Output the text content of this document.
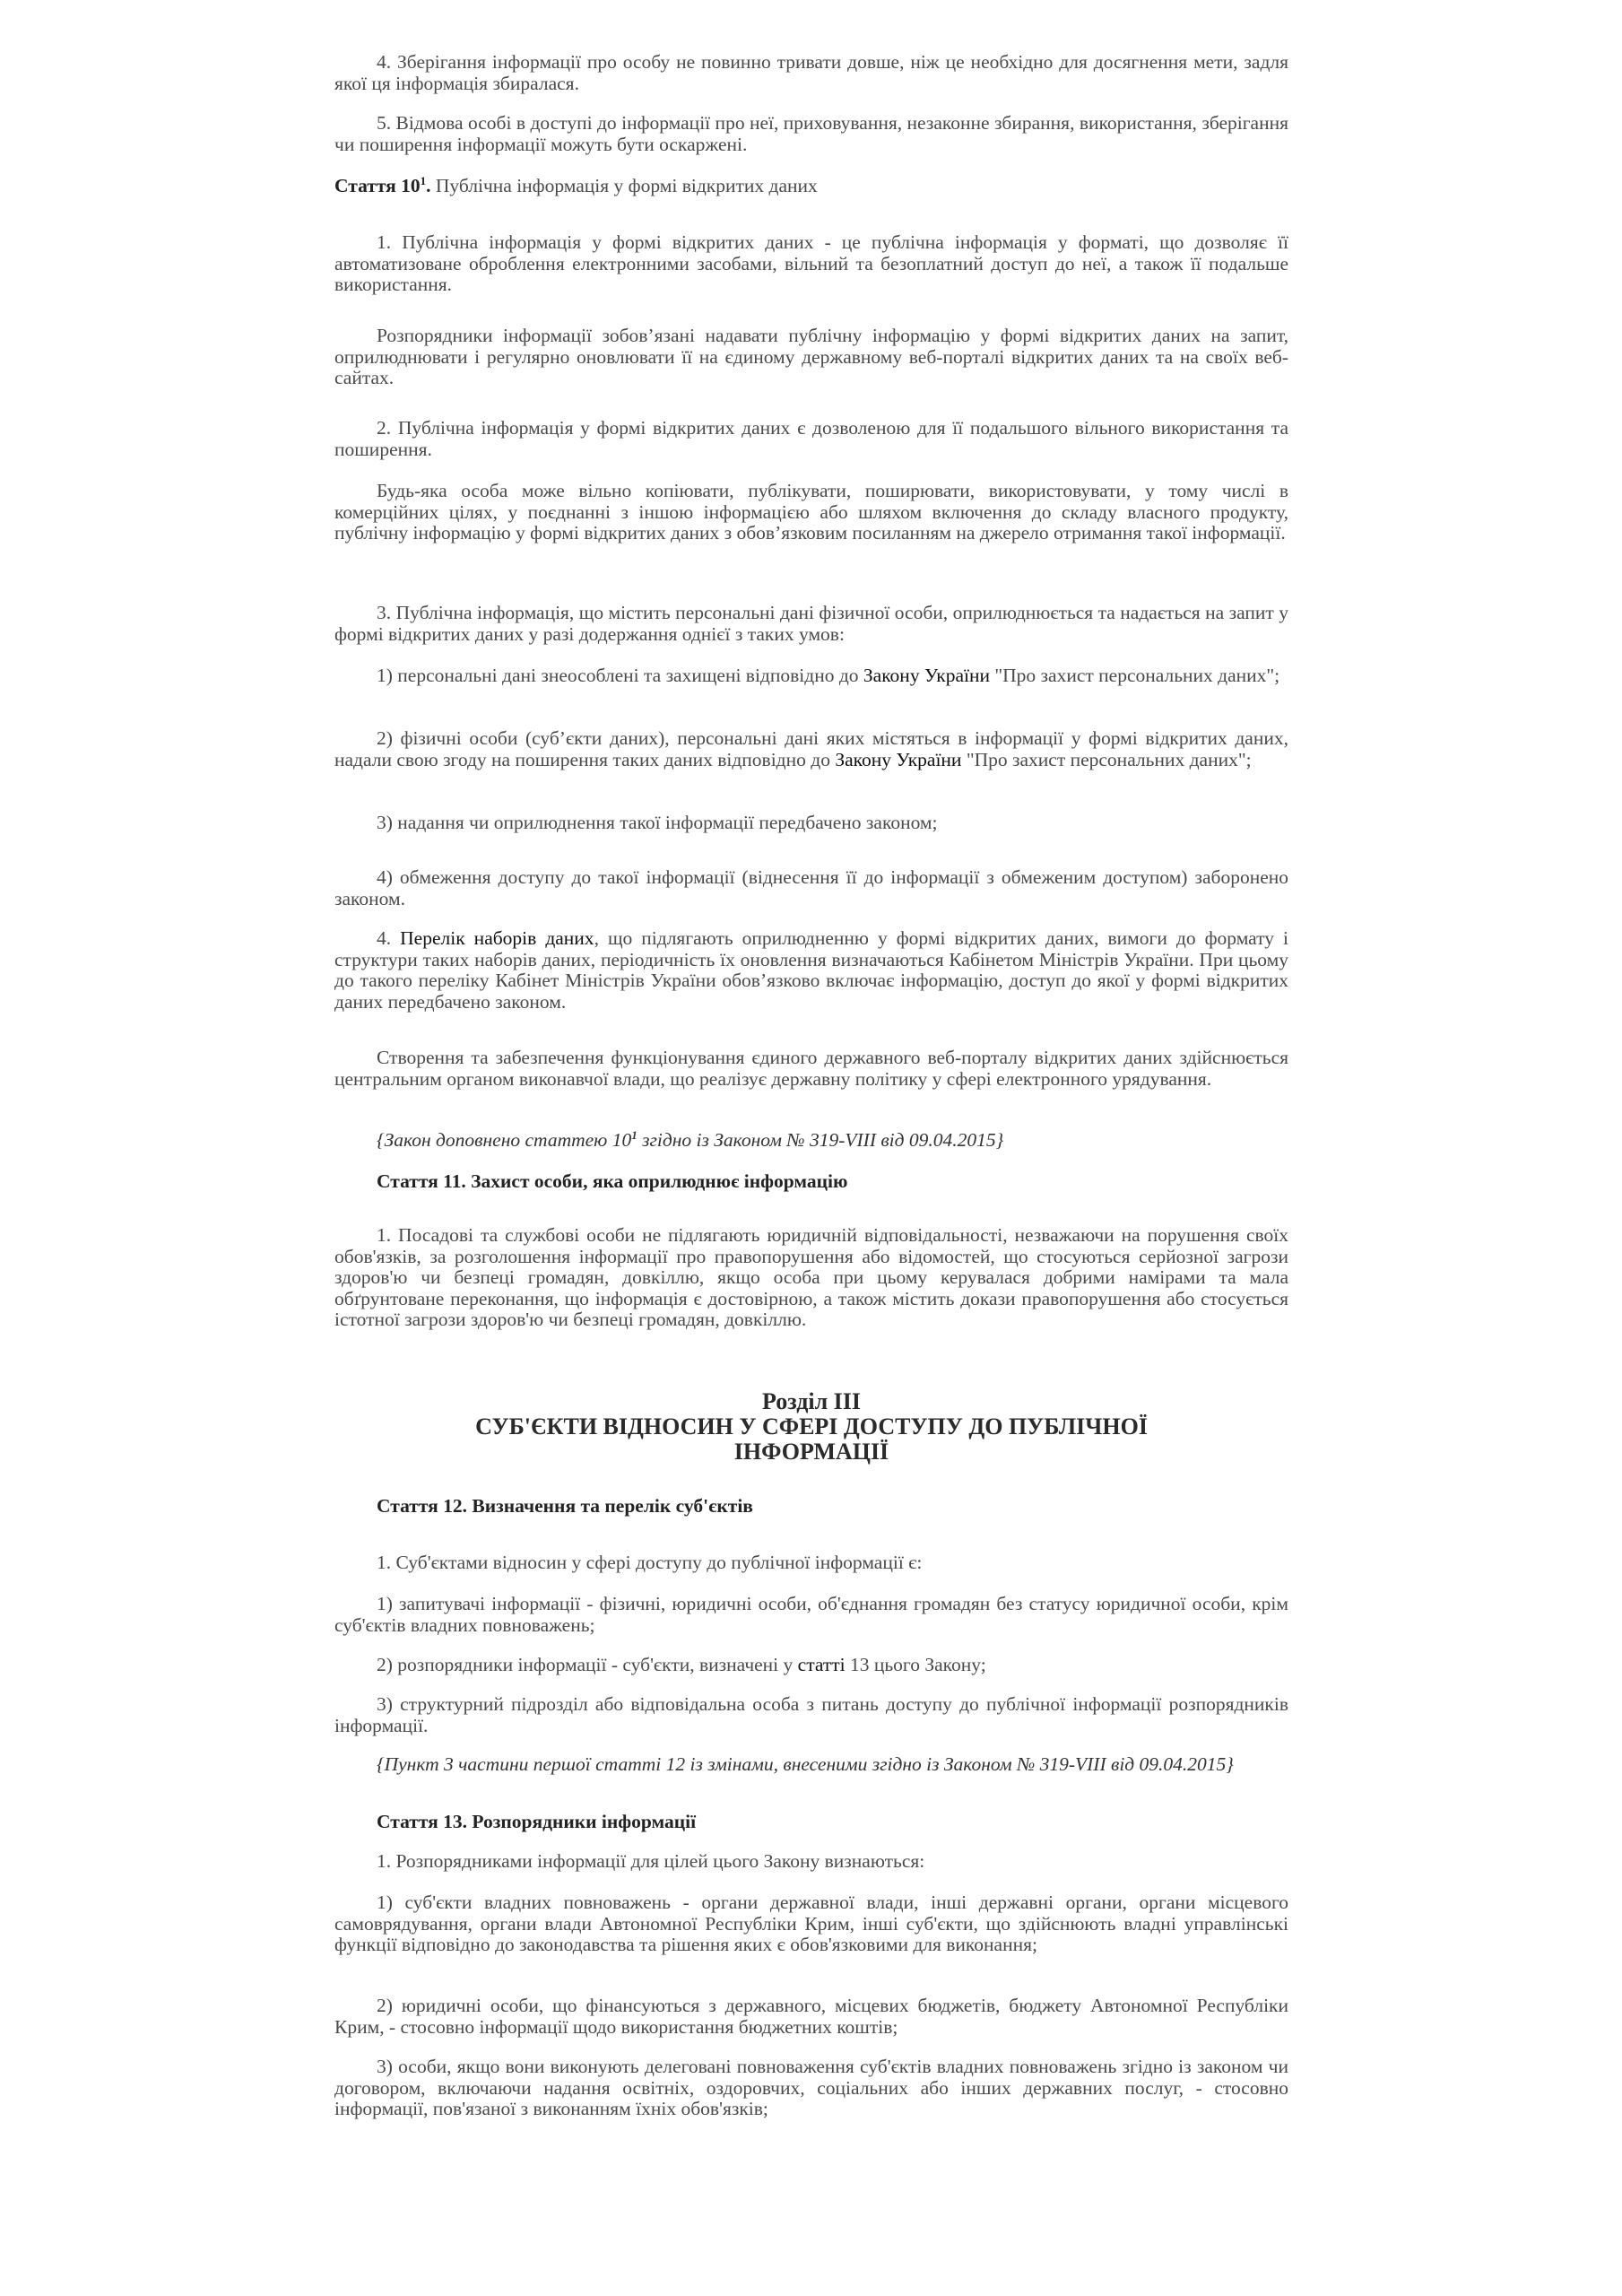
4. Зберігання інформації про особу не повинно тривати довше, ніж це необхідно для досягнення мети, задля якої ця інформація збиралася.

5. Відмова особі в доступі до інформації про неї, приховування, незаконне збирання, використання, зберігання чи поширення інформації можуть бути оскаржені.

Стаття $10^1$. Публічна інформація у формі відкритих даних

1. Публічна інформація у формі відкритих даних - це публічна інформація у форматі, що дозволяє її автоматизоване оброблення електронними засобами, вільний та безоплатний доступ до неї, а також її подальше використання.

Розпорядники інформації зобов’язані надавати публічну інформацію у формі відкритих даних на запит, оприлюднювати і регулярно оновлювати її на єдиному державному веб-порталі відкритих даних та на своїх веб-сайтах.

2. Публічна інформація у формі відкритих даних є дозволеною для її подальшого вільного використання та поширення.

Будь-яка особа може вільно копіювати, публікувати, поширювати, використовувати, у тому числі в комерційних цілях, у поєднанні з іншою інформацією або шляхом включення до складу власного продукту, публічну інформацію у формі відкритих даних з обов’язковим посиланням на джерело отримання такої інформації.

3. Публічна інформація, що містить персональні дані фізичної особи, оприлюднюється та надається на запит у формі відкритих даних у разі додержання однієї з таких умов:

1) персональні дані знеособлені та захищені відповідно до Закону України "Про захист персональних даних";

2) фізичні особи (суб’єкти даних), персональні дані яких містяться в інформації у формі відкритих даних, надали свою згоду на поширення таких даних відповідно до Закону України "Про захист персональних даних";

3) надання чи оприлюднення такої інформації передбачено законом;

4) обмеження доступу до такої інформації (віднесення її до інформації з обмеженим доступом) заборонено законом.

4. Перелік наборів даних, що підлягають оприлюдненню у формі відкритих даних, вимоги до формату і структури таких наборів даних, періодичність їх оновлення визначаються Кабінетом Міністрів України. При цьому до такого переліку Кабінет Міністрів України обов’язково включає інформацію, доступ до якої у формі відкритих даних передбачено законом.

Створення та забезпечення функціонування єдиного державного веб-порталу відкритих даних здійснюється центральним органом виконавчої влади, що реалізує державну політику у сфері електронного урядування.

{Закон доповнено статтею $10^1$ згідно із Законом № 319-VIII від 09.04.2015}

Стаття 11. Захист особи, яка оприлюднює інформацію

1. Посадові та службові особи не підлягають юридичній відповідальності, незважаючи на порушення своїх обов'язків, за розголошення інформації про правопорушення або відомостей, що стосуються серйозної загрози здоров'ю чи безпеці громадян, довкіллю, якщо особа при цьому керувалася добрими намірами та мала обґрунтоване переконання, що інформація є достовірною, а також містить докази правопорушення або стосується істотної загрози здоров'ю чи безпеці громадян, довкіллю.

Розділ III

СУБ'ЄКТИ ВІДНОСИН У СФЕРІ ДОСТУПУ ДО ПУБЛІЧНОЇ ІНФОРМАЦІЇ

Стаття 12. Визначення та перелік суб'єктів

1. Суб'єктами відносин у сфері доступу до публічної інформації є:

1) запитувачі інформації - фізичні, юридичні особи, об'єднання громадян без статусу юридичної особи, крім суб'єктів владних повноважень;

2) розпорядники інформації - суб'єкти, визначені у статті 13 цього Закону;

3) структурний підрозділ або відповідальна особа з питань доступу до публічної інформації розпорядників інформації.

{Пункт 3 частини першої статті 12 із змінами, внесеними згідно із Законом № 319-VIII від 09.04.2015}

Стаття 13. Розпорядники інформації

1. Розпорядниками інформації для цілей цього Закону визнаються:

1) суб'єкти владних повноважень - органи державної влади, інші державні органи, органи місцевого самоврядування, органи влади Автономної Республіки Крим, інші суб'єкти, що здійснюють владні управлінські функції відповідно до законодавства та рішення яких є обов'язковими для виконання;

2) юридичні особи, що фінансуються з державного, місцевих бюджетів, бюджету Автономної Республіки Крим, - стосовно інформації щодо використання бюджетних коштів;

3) особи, якщо вони виконують делеговані повноваження суб'єктів владних повноважень згідно із законом чи договором, включаючи надання освітніх, оздоровчих, соціальних або інших державних послуг, - стосовно інформації, пов'язаної з виконанням їхніх обов'язків;
